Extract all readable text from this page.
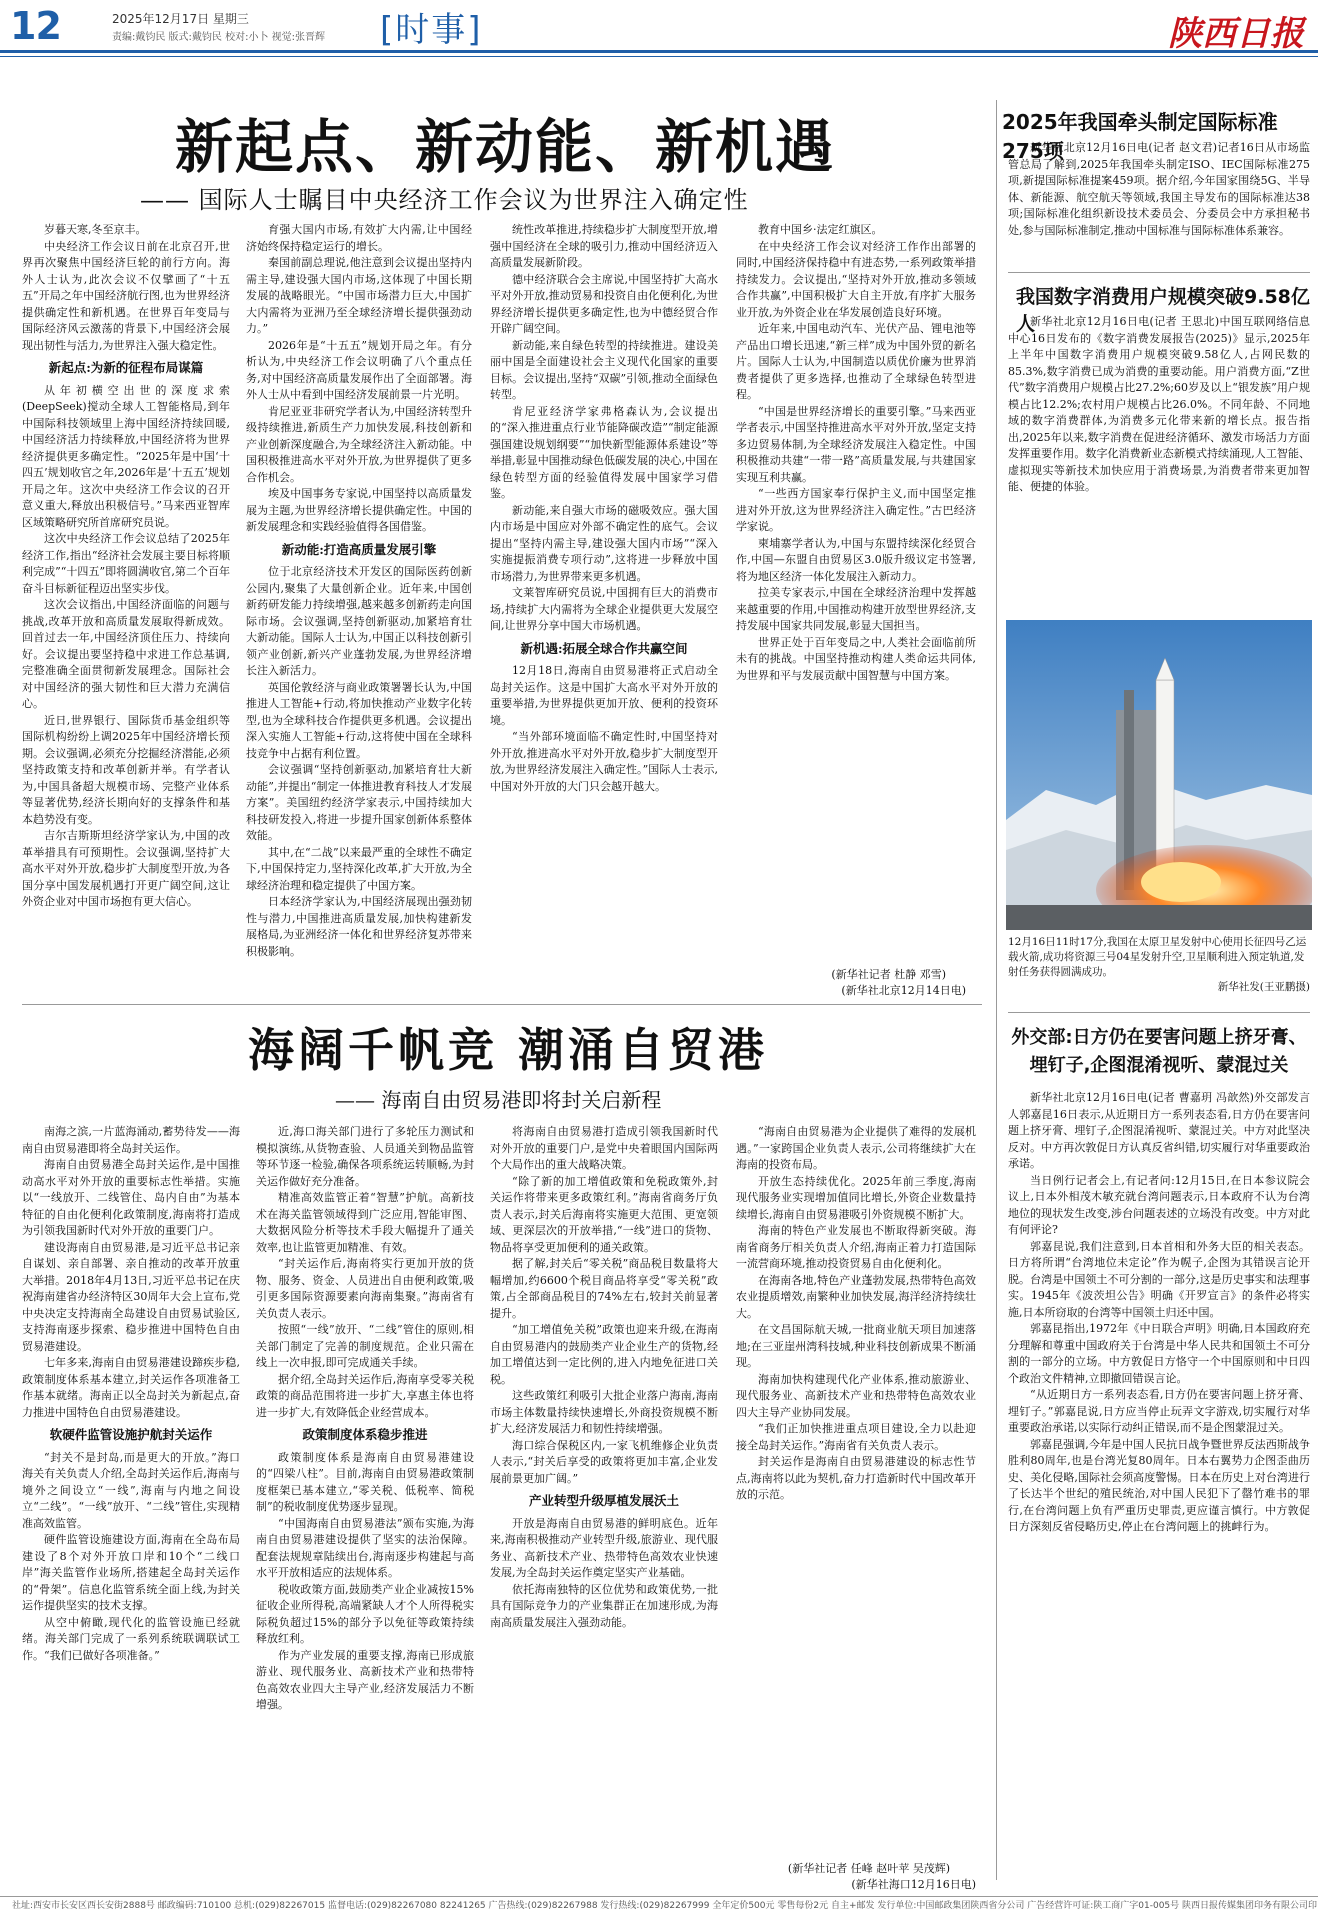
12	2025年12月17日 星期三
责编:戴钧民 版式:戴钧民 校对:小卜 视觉:张晋辉 [时事]	陕西日报
新起点、新动能、新机遇
—— 国际人士瞩目中央经济工作会议为世界注入确定性

岁暮天寒,冬至京丰。

中央经济工作会议日前在北京召开,世界再次聚焦中国经济巨轮的前行方向。海外人士认为,此次会议不仅擘画了“十五五”开局之年中国经济航行图,也为世界经济提供确定性和新机遇。在世界百年变局与国际经济风云激荡的背景下,中国经济会展现出韧性与活力,为世界注入强大稳定性。

新起点:为新的征程布局谋篇

从年初横空出世的深度求索(DeepSeek)搅动全球人工智能格局,到年中国际科技领域里上海中国经济持续回暖,中国经济活力持续释放,中国经济将为世界经济提供更多确定性。“2025年是中国‘十四五’规划收官之年,2026年是‘十五五’规划开局之年。这次中央经济工作会议的召开意义重大,释放出积极信号。”马来西亚智库区域策略研究所首席研究员说。

这次中央经济工作会议总结了2025年经济工作,指出“经济社会发展主要目标将顺利完成”“十四五”即将圆满收官,第二个百年奋斗目标新征程迈出坚实步伐。

这次会议指出,中国经济面临的问题与挑战,改革开放和高质量发展取得新成效。回首过去一年,中国经济顶住压力、持续向好。会议提出要坚持稳中求进工作总基调,完整准确全面贯彻新发展理念。国际社会对中国经济的强大韧性和巨大潜力充满信心。

近日,世界银行、国际货币基金组织等国际机构纷纷上调2025年中国经济增长预期。会议强调,必须充分挖掘经济潜能,必须坚持政策支持和改革创新并举。有学者认为,中国具备超大规模市场、完整产业体系等显著优势,经济长期向好的支撑条件和基本趋势没有变。

吉尔吉斯斯坦经济学家认为,中国的改革举措具有可预期性。会议强调,坚持扩大高水平对外开放,稳步扩大制度型开放,为各国分享中国发展机遇打开更广阔空间,这让外资企业对中国市场抱有更大信心。

育强大国内市场,有效扩大内需,让中国经济始终保持稳定运行的增长。

秦国前副总理说,他注意到会议提出坚持内需主导,建设强大国内市场,这体现了中国长期发展的战略眼光。“中国市场潜力巨大,中国扩大内需将为亚洲乃至全球经济增长提供强劲动力。”

2026年是“十五五”规划开局之年。有分析认为,中央经济工作会议明确了八个重点任务,对中国经济高质量发展作出了全面部署。海外人士从中看到中国经济发展前景一片光明。

肯尼亚亚非研究学者认为,中国经济转型升级持续推进,新质生产力加快发展,科技创新和产业创新深度融合,为全球经济注入新动能。中国积极推进高水平对外开放,为世界提供了更多合作机会。

埃及中国事务专家说,中国坚持以高质量发展为主题,为世界经济增长提供确定性。中国的新发展理念和实践经验值得各国借鉴。

新动能:打造高质量发展引擎

位于北京经济技术开发区的国际医药创新公园内,聚集了大量创新企业。近年来,中国创新药研发能力持续增强,越来越多创新药走向国际市场。会议强调,坚持创新驱动,加紧培育壮大新动能。国际人士认为,中国正以科技创新引领产业创新,新兴产业蓬勃发展,为世界经济增长注入新活力。

英国伦敦经济与商业政策署署长认为,中国推进人工智能+行动,将加快推动产业数字化转型,也为全球科技合作提供更多机遇。会议提出深入实施人工智能+行动,这将使中国在全球科技竞争中占据有利位置。

会议强调“坚持创新驱动,加紧培育壮大新动能”,并提出“制定一体推进教育科技人才发展方案”。美国纽约经济学家表示,中国持续加大科技研发投入,将进一步提升国家创新体系整体效能。

其中,在“二战”以来最严重的全球性不确定下,中国保持定力,坚持深化改革,扩大开放,为全球经济治理和稳定提供了中国方案。

日本经济学家认为,中国经济展现出强劲韧性与潜力,中国推进高质量发展,加快构建新发展格局,为亚洲经济一体化和世界经济复苏带来积极影响。

统性改革推进,持续稳步扩大制度型开放,增强中国经济在全球的吸引力,推动中国经济迈入高质量发展新阶段。

德中经济联合会主席说,中国坚持扩大高水平对外开放,推动贸易和投资自由化便利化,为世界经济增长提供更多确定性,也为中德经贸合作开辟广阔空间。

新动能,来自绿色转型的持续推进。建设美丽中国是全面建设社会主义现代化国家的重要目标。会议提出,坚持“双碳”引领,推动全面绿色转型。

肯尼亚经济学家弗格森认为,会议提出的“深入推进重点行业节能降碳改造”“制定能源强国建设规划纲要”“加快新型能源体系建设”等举措,彰显中国推动绿色低碳发展的决心,中国在绿色转型方面的经验值得发展中国家学习借鉴。

新动能,来自强大市场的磁吸效应。强大国内市场是中国应对外部不确定性的底气。会议提出“坚持内需主导,建设强大国内市场”“深入实施提振消费专项行动”,这将进一步释放中国市场潜力,为世界带来更多机遇。

文莱智库研究员说,中国拥有巨大的消费市场,持续扩大内需将为全球企业提供更大发展空间,让世界分享中国大市场机遇。

新机遇:拓展全球合作共赢空间

12月18日,海南自由贸易港将正式启动全岛封关运作。这是中国扩大高水平对外开放的重要举措,为世界提供更加开放、便利的投资环境。

“当外部环境面临不确定性时,中国坚持对外开放,推进高水平对外开放,稳步扩大制度型开放,为世界经济发展注入确定性。”国际人士表示,中国对外开放的大门只会越开越大。

教育中国乡·法定红旗区。

在中央经济工作会议对经济工作作出部署的同时,中国经济保持稳中有进态势,一系列政策举措持续发力。会议提出,“坚持对外开放,推动多领域合作共赢”,中国积极扩大自主开放,有序扩大服务业开放,为外资企业在华发展创造良好环境。

近年来,中国电动汽车、光伏产品、锂电池等产品出口增长迅速,“新三样”成为中国外贸的新名片。国际人士认为,中国制造以质优价廉为世界消费者提供了更多选择,也推动了全球绿色转型进程。

“中国是世界经济增长的重要引擎。”马来西亚学者表示,中国坚持推进高水平对外开放,坚定支持多边贸易体制,为全球经济发展注入稳定性。中国积极推动共建“一带一路”高质量发展,与共建国家实现互利共赢。

“一些西方国家奉行保护主义,而中国坚定推进对外开放,这为世界经济注入确定性。”古巴经济学家说。

柬埔寨学者认为,中国与东盟持续深化经贸合作,中国—东盟自由贸易区3.0版升级议定书签署,将为地区经济一体化发展注入新动力。

拉美专家表示,中国在全球经济治理中发挥越来越重要的作用,中国推动构建开放型世界经济,支持发展中国家共同发展,彰显大国担当。

世界正处于百年变局之中,人类社会面临前所未有的挑战。中国坚持推动构建人类命运共同体,为世界和平与发展贡献中国智慧与中国方案。

(新华社记者 杜静 邓雪)
(新华社北京12月14日电)
海阔千帆竞 潮涌自贸港
—— 海南自由贸易港即将封关启新程

南海之滨,一片蓝海涌动,蓄势待发——海南自由贸易港即将全岛封关运作。

海南自由贸易港全岛封关运作,是中国推动高水平对外开放的重要标志性举措。实施以“一线放开、二线管住、岛内自由”为基本特征的自由化便利化政策制度,海南将打造成为引领我国新时代对外开放的重要门户。

建设海南自由贸易港,是习近平总书记亲自谋划、亲自部署、亲自推动的改革开放重大举措。2018年4月13日,习近平总书记在庆祝海南建省办经济特区30周年大会上宣布,党中央决定支持海南全岛建设自由贸易试验区,支持海南逐步探索、稳步推进中国特色自由贸易港建设。

七年多来,海南自由贸易港建设蹄疾步稳,政策制度体系基本建立,封关运作各项准备工作基本就绪。海南正以全岛封关为新起点,奋力推进中国特色自由贸易港建设。

软硬件监管设施护航封关运作

“封关不是封岛,而是更大的开放。”海口海关有关负责人介绍,全岛封关运作后,海南与境外之间设立“一线”,海南与内地之间设立“二线”。“一线”放开、“二线”管住,实现精准高效监管。

硬件监管设施建设方面,海南在全岛布局建设了8个对外开放口岸和10个“二线口岸”海关监管作业场所,搭建起全岛封关运作的“骨架”。信息化监管系统全面上线,为封关运作提供坚实的技术支撑。

从空中俯瞰,现代化的监管设施已经就绪。海关部门完成了一系列系统联调联试工作。“我们已做好各项准备。”

近,海口海关部门进行了多轮压力测试和模拟演练,从货物查验、人员通关到物品监管等环节逐一检验,确保各项系统运转顺畅,为封关运作做好充分准备。

精准高效监管正着“智慧”护航。高新技术在海关监管领域得到广泛应用,智能审图、大数据风险分析等技术手段大幅提升了通关效率,也让监管更加精准、有效。

“封关运作后,海南将实行更加开放的货物、服务、资金、人员进出自由便利政策,吸引更多国际资源要素向海南集聚。”海南省有关负责人表示。

按照“一线”放开、“二线”管住的原则,相关部门制定了完善的制度规范。企业只需在线上一次申报,即可完成通关手续。

据介绍,全岛封关运作后,海南享受零关税政策的商品范围将进一步扩大,享惠主体也将进一步扩大,有效降低企业经营成本。

政策制度体系稳步推进

政策制度体系是海南自由贸易港建设的“四梁八柱”。目前,海南自由贸易港政策制度框架已基本建立,“零关税、低税率、简税制”的税收制度优势逐步显现。

“中国海南自由贸易港法”颁布实施,为海南自由贸易港建设提供了坚实的法治保障。配套法规规章陆续出台,海南逐步构建起与高水平开放相适应的法规体系。

税收政策方面,鼓励类产业企业减按15%征收企业所得税,高端紧缺人才个人所得税实际税负超过15%的部分予以免征等政策持续释放红利。

作为产业发展的重要支撑,海南已形成旅游业、现代服务业、高新技术产业和热带特色高效农业四大主导产业,经济发展活力不断增强。

将海南自由贸易港打造成引领我国新时代对外开放的重要门户,是党中央着眼国内国际两个大局作出的重大战略决策。

“除了新的加工增值政策和免税政策外,封关运作将带来更多政策红利。”海南省商务厅负责人表示,封关后海南将实施更大范围、更宽领域、更深层次的开放举措,“一线”进口的货物、物品将享受更加便利的通关政策。

据了解,封关后“零关税”商品税目数量将大幅增加,约6600个税目商品将享受“零关税”政策,占全部商品税目的74%左右,较封关前显著提升。

“加工增值免关税”政策也迎来升级,在海南自由贸易港内的鼓励类产业企业生产的货物,经加工增值达到一定比例的,进入内地免征进口关税。

这些政策红利吸引大批企业落户海南,海南市场主体数量持续快速增长,外商投资规模不断扩大,经济发展活力和韧性持续增强。

海口综合保税区内,一家飞机维修企业负责人表示,“封关后享受的政策将更加丰富,企业发展前景更加广阔。”

产业转型升级厚植发展沃土

开放是海南自由贸易港的鲜明底色。近年来,海南积极推动产业转型升级,旅游业、现代服务业、高新技术产业、热带特色高效农业快速发展,为全岛封关运作奠定坚实产业基础。

依托海南独特的区位优势和政策优势,一批具有国际竞争力的产业集群正在加速形成,为海南高质量发展注入强劲动能。

“海南自由贸易港为企业提供了难得的发展机遇。”一家跨国企业负责人表示,公司将继续扩大在海南的投资布局。

开放生态持续优化。2025年前三季度,海南现代服务业实现增加值同比增长,外资企业数量持续增长,海南自由贸易港吸引外资规模不断扩大。

海南的特色产业发展也不断取得新突破。海南省商务厅相关负责人介绍,海南正着力打造国际一流营商环境,推动投资贸易自由化便利化。

在海南各地,特色产业蓬勃发展,热带特色高效农业提质增效,南繁种业加快发展,海洋经济持续壮大。

在文昌国际航天城,一批商业航天项目加速落地;在三亚崖州湾科技城,种业科技创新成果不断涌现。

海南加快构建现代化产业体系,推动旅游业、现代服务业、高新技术产业和热带特色高效农业四大主导产业协同发展。

“我们正加快推进重点项目建设,全力以赴迎接全岛封关运作。”海南省有关负责人表示。

封关运作是海南自由贸易港建设的标志性节点,海南将以此为契机,奋力打造新时代中国改革开放的示范。

(新华社记者 任峰 赵叶苹 吴茂辉)
(新华社海口12月16日电)
2025年我国牵头制定国际标准275项

新华社北京12月16日电(记者 赵文君)记者16日从市场监管总局了解到,2025年我国牵头制定ISO、IEC国际标准275项,新提国际标准提案459项。据介绍,今年国家围绕5G、半导体、新能源、航空航天等领域,我国主导发布的国际标准达38项;国际标准化组织新设技术委员会、分委员会中方承担秘书处,参与国际标准制定,推动中国标准与国际标准体系兼容。

我国数字消费用户规模突破9.58亿人

新华社北京12月16日电(记者 王思北)中国互联网络信息中心16日发布的《数字消费发展报告(2025)》显示,2025年上半年中国数字消费用户规模突破9.58亿人,占网民数的85.3%,数字消费已成为消费的重要动能。用户消费方面,“Z世代”数字消费用户规模占比27.2%;60岁及以上“银发族”用户规模占比12.2%;农村用户规模占比26.0%。不同年龄、不同地域的数字消费群体,为消费多元化带来新的增长点。报告指出,2025年以来,数字消费在促进经济循环、激发市场活力方面发挥重要作用。数字化消费新业态新模式持续涌现,人工智能、虚拟现实等新技术加快应用于消费场景,为消费者带来更加智能、便捷的体验。

12月16日11时17分,我国在太原卫星发射中心使用长征四号乙运载火箭,成功将资源三号04星发射升空,卫星顺利进入预定轨道,发射任务获得圆满成功。
新华社发(王亚鹏摄)
外交部:日方仍在要害问题上挤牙膏、埋钉子,企图混淆视听、蒙混过关

新华社北京12月16日电(记者 曹嘉玥 冯歆然)外交部发言人郭嘉昆16日表示,从近期日方一系列表态看,日方仍在要害问题上挤牙膏、埋钉子,企图混淆视听、蒙混过关。中方对此坚决反对。中方再次敦促日方认真反省纠错,切实履行对华重要政治承诺。

当日例行记者会上,有记者问:12月15日,在日本参议院会议上,日本外相茂木敏充就台湾问题表示,日本政府不认为台湾地位的现状发生改变,涉台问题表述的立场没有改变。中方对此有何评论?

郭嘉昆说,我们注意到,日本首相和外务大臣的相关表态。日方将所谓“台湾地位未定论”作为幌子,企图为其错误言论开脱。台湾是中国领土不可分割的一部分,这是历史事实和法理事实。1945年《波茨坦公告》明确《开罗宣言》的条件必将实施,日本所窃取的台湾等中国领土归还中国。

郭嘉昆指出,1972年《中日联合声明》明确,日本国政府充分理解和尊重中国政府关于台湾是中华人民共和国领土不可分割的一部分的立场。中方敦促日方恪守一个中国原则和中日四个政治文件精神,立即撤回错误言论。

“从近期日方一系列表态看,日方仍在要害问题上挤牙膏、埋钉子。”郭嘉昆说,日方应当停止玩弄文字游戏,切实履行对华重要政治承诺,以实际行动纠正错误,而不是企图蒙混过关。

郭嘉昆强调,今年是中国人民抗日战争暨世界反法西斯战争胜利80周年,也是台湾光复80周年。日本右翼势力企图歪曲历史、美化侵略,国际社会须高度警惕。日本在历史上对台湾进行了长达半个世纪的殖民统治,对中国人民犯下了罄竹难书的罪行,在台湾问题上负有严重历史罪责,更应谨言慎行。中方敦促日方深刻反省侵略历史,停止在台湾问题上的挑衅行为。

社址:西安市长安区西长安街2888号 邮政编码:710100 总机:(029)82267015 监督电话:(029)82267080 82241265 广告热线:(029)82267988 发行热线:(029)82267999 全年定价500元 零售每份2元 自主+邮发 发行单位:中国邮政集团陕西省分公司 广告经营许可证:陕工商广字01-005号 陕西日报传媒集团印务有限公司印
